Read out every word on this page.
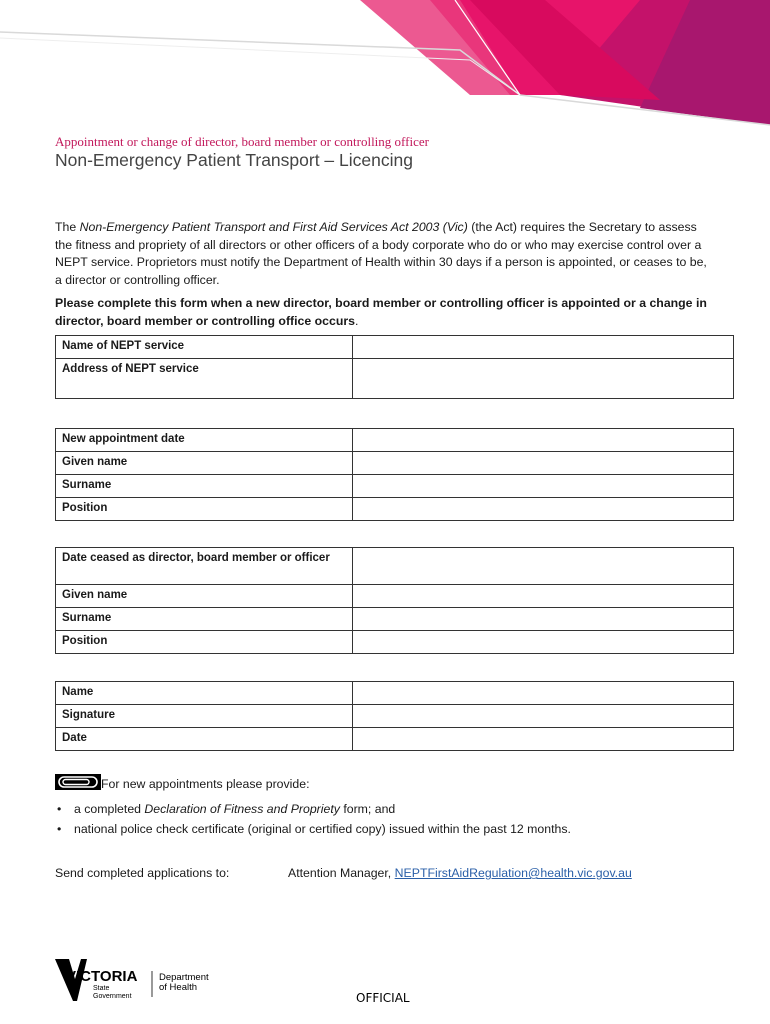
Appointment or change of director, board member or controlling officer
Non-Emergency Patient Transport – Licencing

The Non-Emergency Patient Transport and First Aid Services Act 2003 (Vic) (the Act) requires the Secretary to assess the fitness and propriety of all directors or other officers of a body corporate who do or who may exercise control over a NEPT service. Proprietors must notify the Department of Health within 30 days if a person is appointed, or ceases to be, a director or controlling officer.

Please complete this form when a new director, board member or controlling officer is appointed or a change in director, board member or controlling office occurs.

Name of NEPT service	
Address of NEPT service	
New appointment date	
Given name	
Surname	
Position	
Date ceased as director, board member or officer	
Given name	
Surname	
Position	
Name	
Signature	
Date	
For new appointments please provide:
• a completed Declaration of Fitness and Propriety form; and
• national police check certificate (original or certified copy) issued within the past 12 months.
Send completed applications to:	Attention Manager, NEPTFirstAidRegulation@health.vic.gov.au
VICTORIA
State
Government
Department
of Health
OFFICIAL
